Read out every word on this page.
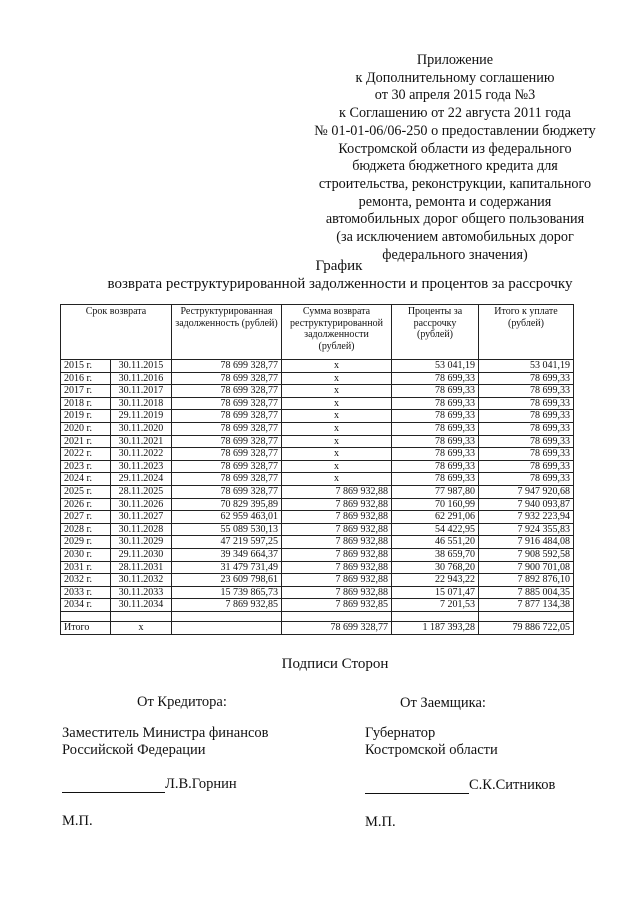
Приложение
к Дополнительному соглашению
от 30 апреля 2015 года №3
к Соглашению от 22 августа 2011 года
№ 01-01-06/06-250 о предоставлении бюджету
Костромской области из федерального
бюджета бюджетного кредита для
строительства, реконструкции, капитального
ремонта, ремонта и содержания
автомобильных дорог общего пользования
(за исключением автомобильных дорог
федерального значения)
График
возврата реструктурированной задолженности и процентов за рассрочку
Срок возврата		Реструктурированная задолженность (рублей)	Сумма возврата реструктурированной задолженности (рублей)	Проценты за рассрочку (рублей)	Итого к уплате (рублей)
2015 г.	30.11.2015	78 699 328,77	x	53 041,19	53 041,19
2016 г.	30.11.2016	78 699 328,77	x	78 699,33	78 699,33
2017 г.	30.11.2017	78 699 328,77	x	78 699,33	78 699,33
2018 г.	30.11.2018	78 699 328,77	x	78 699,33	78 699,33
2019 г.	29.11.2019	78 699 328,77	x	78 699,33	78 699,33
2020 г.	30.11.2020	78 699 328,77	x	78 699,33	78 699,33
2021 г.	30.11.2021	78 699 328,77	x	78 699,33	78 699,33
2022 г.	30.11.2022	78 699 328,77	x	78 699,33	78 699,33
2023 г.	30.11.2023	78 699 328,77	x	78 699,33	78 699,33
2024 г.	29.11.2024	78 699 328,77	x	78 699,33	78 699,33
2025 г.	28.11.2025	78 699 328,77	7 869 932,88	77 987,80	7 947 920,68
2026 г.	30.11.2026	70 829 395,89	7 869 932,88	70 160,99	7 940 093,87
2027 г.	30.11.2027	62 959 463,01	7 869 932,88	62 291,06	7 932 223,94
2028 г.	30.11.2028	55 089 530,13	7 869 932,88	54 422,95	7 924 355,83
2029 г.	30.11.2029	47 219 597,25	7 869 932,88	46 551,20	7 916 484,08
2030 г.	29.11.2030	39 349 664,37	7 869 932,88	38 659,70	7 908 592,58
2031 г.	28.11.2031	31 479 731,49	7 869 932,88	30 768,20	7 900 701,08
2032 г.	30.11.2032	23 609 798,61	7 869 932,88	22 943,22	7 892 876,10
2033 г.	30.11.2033	15 739 865,73	7 869 932,88	15 071,47	7 885 004,35
2034 г.	30.11.2034	7 869 932,85	7 869 932,85	7 201,53	7 877 134,38

Итого	x		78 699 328,77	1 187 393,28	79 886 722,05
Подписи Сторон
От Кредитора:
Заместитель Министра финансов
Российской Федерации
Л.В.Горнин
М.П.
От Заемщика:
Губернатор
Костромской области
С.К.Ситников
М.П.
